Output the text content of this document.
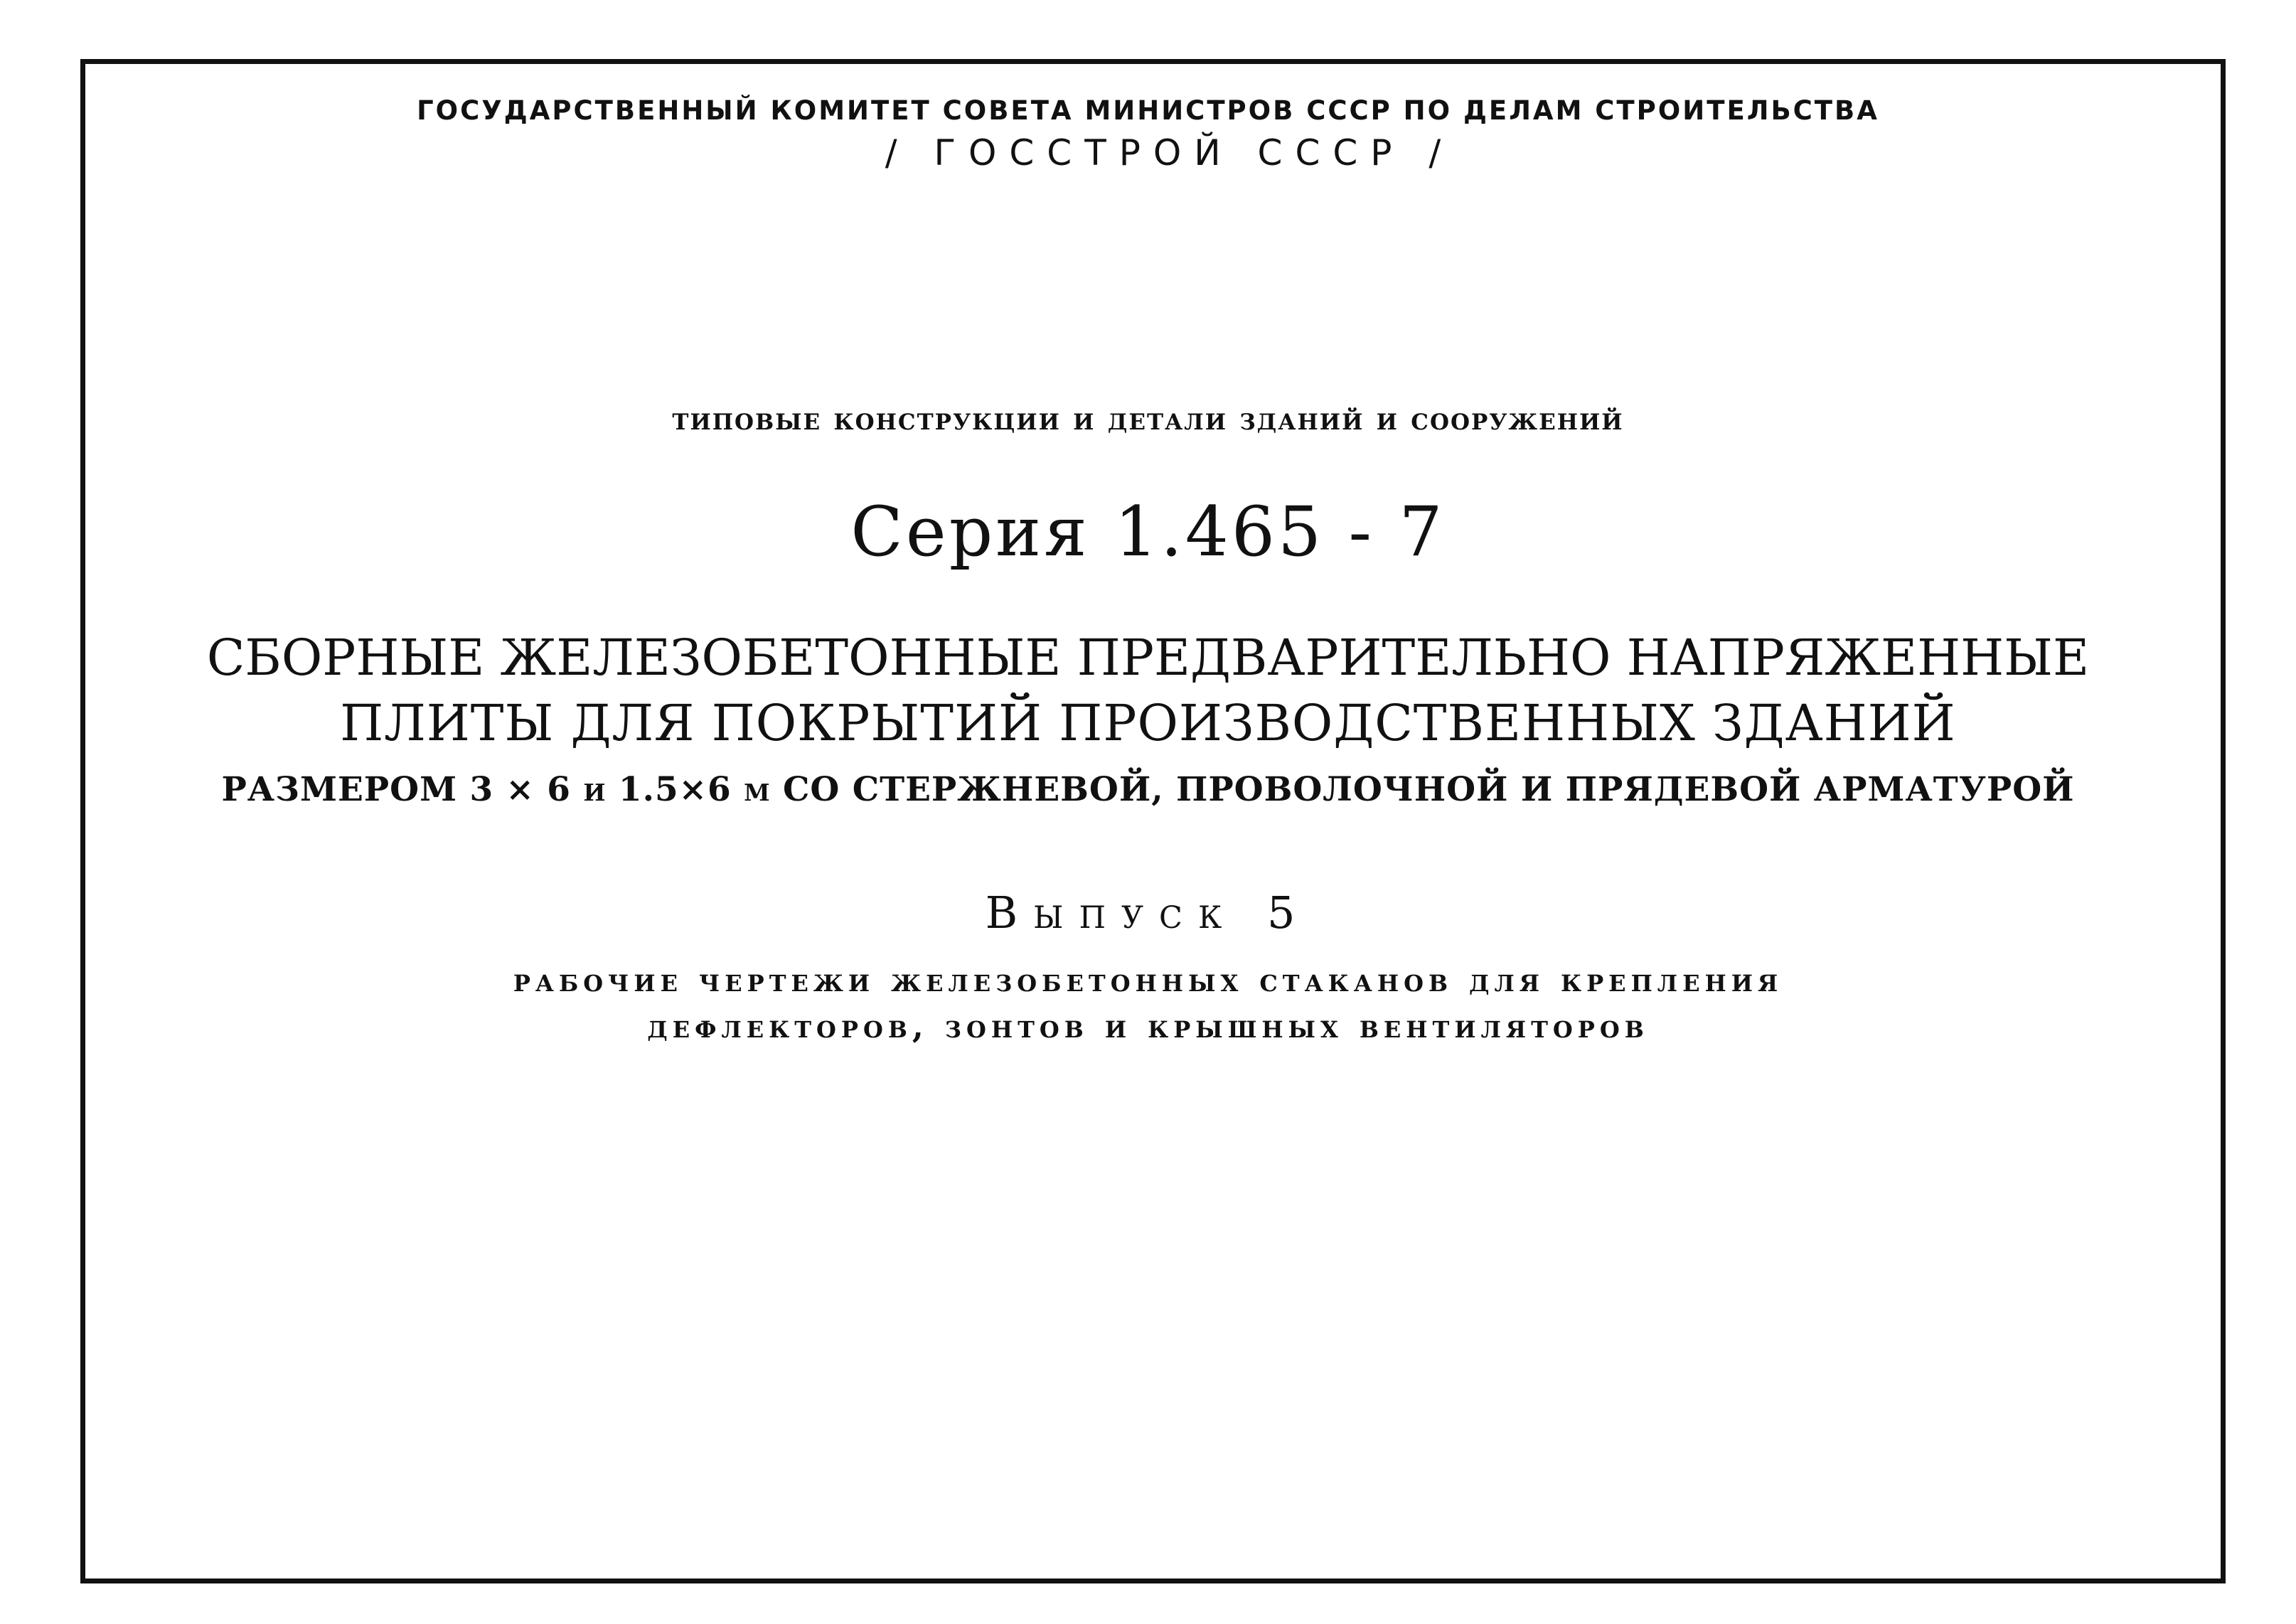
ГОСУДАРСТВЕННЫЙ КОМИТЕТ СОВЕТА МИНИСТРОВ СССР ПО ДЕЛАМ СТРОИТЕЛЬСТВА

/ ГОССТРОЙ СССР /

типовые конструкции и детали зданий и сооружений

Серия 1.465 - 7

СБОРНЫЕ ЖЕЛЕЗОБЕТОННЫЕ ПРЕДВАРИТЕЛЬНО НАПРЯЖЕННЫЕ

ПЛИТЫ ДЛЯ ПОКРЫТИЙ ПРОИЗВОДСТВЕННЫХ ЗДАНИЙ

РАЗМЕРОМ 3 × 6 и 1.5×6 м СО СТЕРЖНЕВОЙ, ПРОВОЛОЧНОЙ И ПРЯДЕВОЙ АРМАТУРОЙ

Выпуск 5

рабочие чертежи железобетонных стаканов для крепления

дефлекторов, зонтов и крышных вентиляторов
